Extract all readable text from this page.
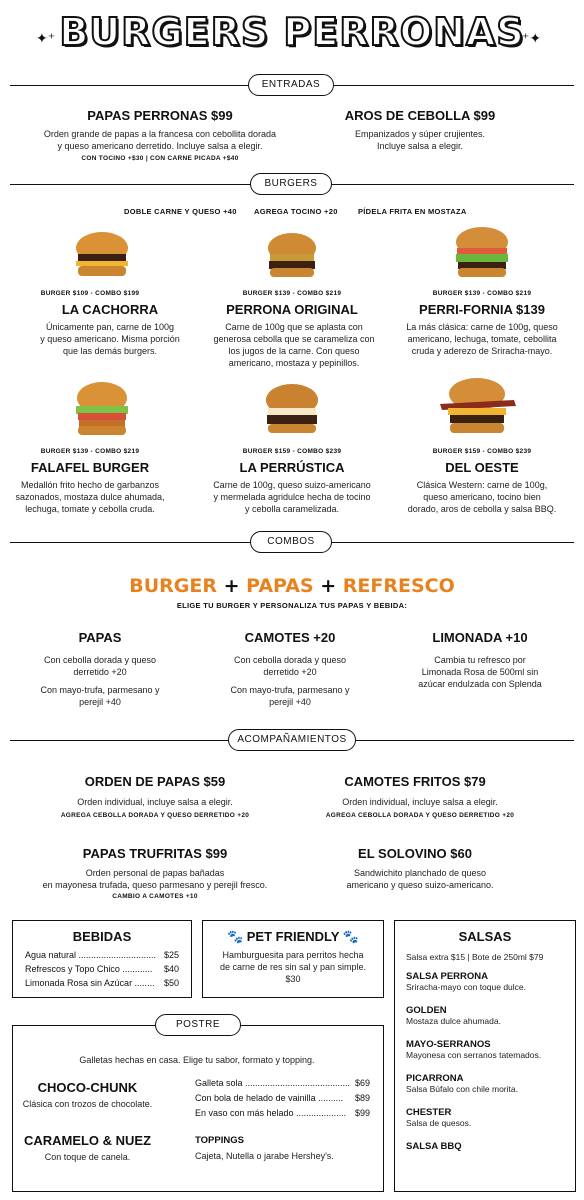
BURGERS PERRONAS
✦⁺	⁺✦
ENTRADAS
PAPAS PERRONAS $99
Orden grande de papas a la francesa con cebollita dorada
y queso americano derretido. Incluye salsa a elegir.
CON TOCINO +$30 | CON CARNE PICADA +$40
AROS DE CEBOLLA $99
Empanizados y súper crujientes.
Incluye salsa a elegir.
BURGERS
DOBLE CARNE Y QUESO +40 AGREGA TOCINO +20	PÍDELA FRITA EN MOSTAZA
BURGER $109 - COMBO $199	BURGER $139 - COMBO $219	BURGER $139 - COMBO $219
LA CACHORRA	PERRONA ORIGINAL	PERRI-FORNIA $139
Únicamente pan, carne de 100g
y queso americano. Misma porción
que las demás burgers.
Carne de 100g que se aplasta con
generosa cebolla que se carameliza con
los jugos de la carne. Con queso
americano, mostaza y pepinillos.
La más clásica: carne de 100g, queso
americano, lechuga, tomate, cebollita
cruda y aderezo de Sriracha-mayo.
BURGER $139 - COMBO $219	BURGER $159 - COMBO $239	BURGER $159 - COMBO $239
FALAFEL BURGER	LA PERRÚSTICA	DEL OESTE
Medallón frito hecho de garbanzos
sazonados, mostaza dulce ahumada,
lechuga, tomate y cebolla cruda.
Carne de 100g, queso suizo-americano
y mermelada agridulce hecha de tocino
y cebolla caramelizada.
Clásica Western: carne de 100g,
queso americano, tocino bien
dorado, aros de cebolla y salsa BBQ.
COMBOS
BURGER + PAPAS + REFRESCO
ELIGE TU BURGER Y PERSONALIZA TUS PAPAS Y BEBIDA:
PAPAS
Con cebolla dorada y queso
derretido +20
Con mayo-trufa, parmesano y
perejil +40
CAMOTES +20
Con cebolla dorada y queso
derretido +20
Con mayo-trufa, parmesano y
perejil +40
LIMONADA +10
Cambia tu refresco por
Limonada Rosa de 500ml sin
azúcar endulzada con Splenda
ACOMPAÑAMIENTOS
ORDEN DE PAPAS $59
Orden individual, incluye salsa a elegir.
AGREGA CEBOLLA DORADA Y QUESO DERRETIDO +20
CAMOTES FRITOS $79
Orden individual, incluye salsa a elegir.
AGREGA CEBOLLA DORADA Y QUESO DERRETIDO +20
PAPAS TRUFRITAS $99
Orden personal de papas bañadas
en mayonesa trufada, queso parmesano y perejil fresco.
CAMBIO A CAMOTES +10
EL SOLOVINO $60
Sandwichito planchado de queso
americano y queso suizo-americano.
BEBIDAS
Agua natural ............................... $25
Refrescos y Topo Chico ............ $40
Limonada Rosa sin Azúcar ........ $50
🐾 PET FRIENDLY 🐾
Hamburguesita para perritos hecha
de carne de res sin sal y pan simple.
$30
SALSAS
Salsa extra $15 | Bote de 250ml $79
SALSA PERRONA
Sriracha-mayo con toque dulce.
GOLDEN
Mostaza dulce ahumada.
MAYO-SERRANOS
Mayonesa con serranos tatemados.
PICARRONA
Salsa Búfalo con chile morita.
CHESTER
Salsa de quesos.
SALSA BBQ
POSTRE
Galletas hechas en casa. Elige tu sabor, formato y topping.
CHOCO-CHUNK
Clásica con trozos de chocolate.
CARAMELO & NUEZ
Con toque de canela.
Galleta sola .......................................... $69
Con bola de helado de vainilla .......... $89
En vaso con más helado .................... $99
TOPPINGS
Cajeta, Nutella o jarabe Hershey's.
